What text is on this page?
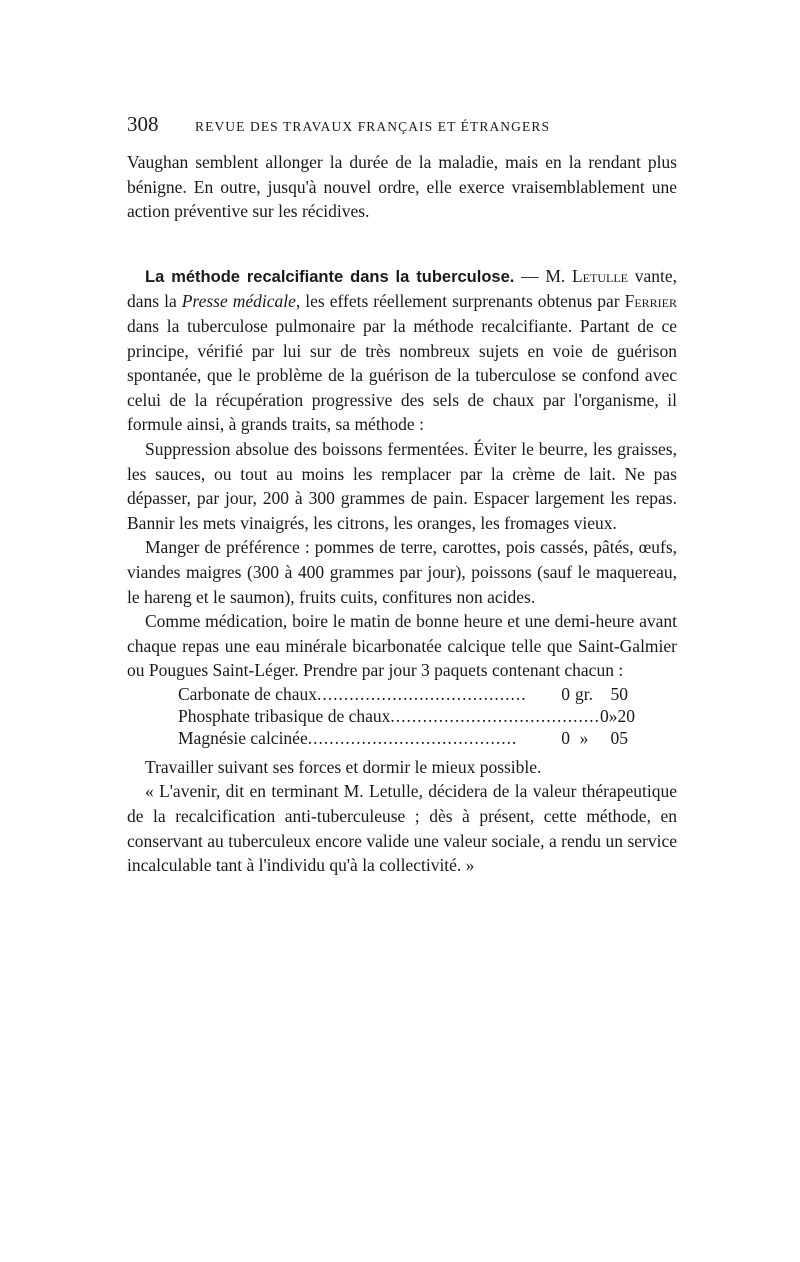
308	REVUE DES TRAVAUX FRANÇAIS ET ÉTRANGERS

Vaughan semblent allonger la durée de la maladie, mais en la rendant plus bénigne. En outre, jusqu'à nouvel ordre, elle exerce vraisemblablement une action préventive sur les récidives.

La méthode recalcifiante dans la tuberculose. — M. Letulle vante, dans la Presse médicale, les effets réellement surprenants obtenus par Ferrier dans la tuberculose pulmonaire par la méthode recalcifiante. Partant de ce principe, vérifié par lui sur de très nombreux sujets en voie de guérison spontanée, que le problème de la guérison de la tuberculose se confond avec celui de la récupération progressive des sels de chaux par l'organisme, il formule ainsi, à grands traits, sa méthode :

Suppression absolue des boissons fermentées. Éviter le beurre, les graisses, les sauces, ou tout au moins les remplacer par la crème de lait. Ne pas dépasser, par jour, 200 à 300 grammes de pain. Espacer largement les repas. Bannir les mets vinaigrés, les citrons, les oranges, les fromages vieux.

Manger de préférence : pommes de terre, carottes, pois cassés, pâtés, œufs, viandes maigres (300 à 400 grammes par jour), poissons (sauf le maquereau, le hareng et le saumon), fruits cuits, confitures non acides.

Comme médication, boire le matin de bonne heure et une demi-heure avant chaque repas une eau minérale bicarbonatée calcique telle que Saint-Galmier ou Pougues Saint-Léger. Prendre par jour 3 paquets contenant chacun :

Carbonate de chaux .......................................	0 gr.	50
Phosphate tribasique de chaux ....................................... 0 » 20
Magnésie calcinée .......................................	0 »	05

Travailler suivant ses forces et dormir le mieux possible.

« L'avenir, dit en terminant M. Letulle, décidera de la valeur thérapeutique de la recalcification anti-tuberculeuse ; dès à présent, cette méthode, en conservant au tuberculeux encore valide une valeur sociale, a rendu un service incalculable tant à l'individu qu'à la collectivité. »
